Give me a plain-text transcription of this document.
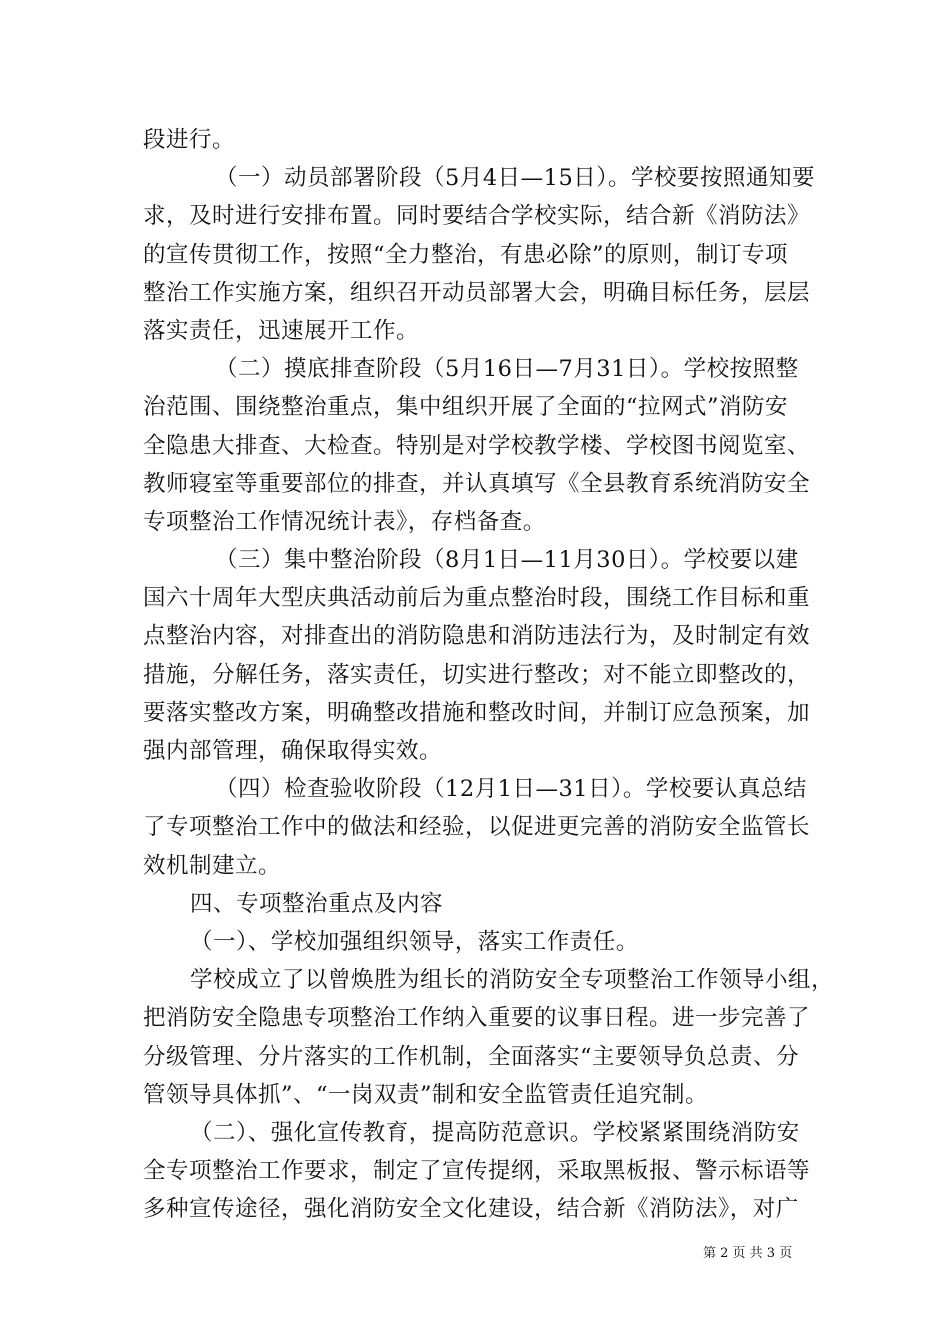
段进行。
（一）动员部署阶段（5月4日—15日）。学校要按照通知要
求，及时进行安排布置。同时要结合学校实际，结合新《消防法》
的宣传贯彻工作，按照“全力整治，有患必除”的原则，制订专项
整治工作实施方案，组织召开动员部署大会，明确目标任务，层层
落实责任，迅速展开工作。
（二）摸底排查阶段（5月16日—7月31日）。学校按照整
治范围、围绕整治重点，集中组织开展了全面的“拉网式”消防安
全隐患大排查、大检查。特别是对学校教学楼、学校图书阅览室、
教师寝室等重要部位的排查，并认真填写《全县教育系统消防安全
专项整治工作情况统计表》，存档备查。
（三）集中整治阶段（8月1日—11月30日）。学校要以建
国六十周年大型庆典活动前后为重点整治时段，围绕工作目标和重
点整治内容，对排查出的消防隐患和消防违法行为，及时制定有效
措施，分解任务，落实责任，切实进行整改；对不能立即整改的，
要落实整改方案，明确整改措施和整改时间，并制订应急预案，加
强内部管理，确保取得实效。
（四）检查验收阶段（12月1日—31日）。学校要认真总结
了专项整治工作中的做法和经验，以促进更完善的消防安全监管长
效机制建立。
四、专项整治重点及内容
（一）、学校加强组织领导，落实工作责任。
学校成立了以曾焕胜为组长的消防安全专项整治工作领导小组，
把消防安全隐患专项整治工作纳入重要的议事日程。进一步完善了
分级管理、分片落实的工作机制，全面落实“主要领导负总责、分
管领导具体抓”、“一岗双责”制和安全监管责任追究制。
（二）、强化宣传教育，提高防范意识。学校紧紧围绕消防安
全专项整治工作要求，制定了宣传提纲，采取黑板报、警示标语等
多种宣传途径，强化消防安全文化建设，结合新《消防法》，对广
第 2 页 共 3 页
